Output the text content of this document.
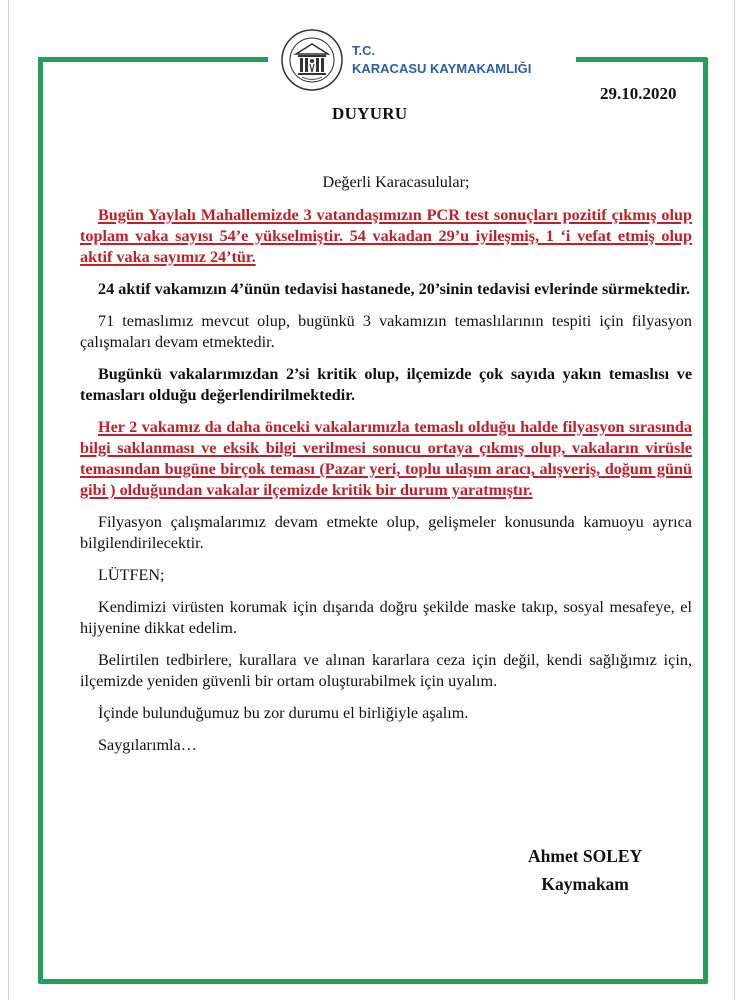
T.C.
KARACASU KAYMAKAMLIĞI
29.10.2020
DUYURU

Değerli Karacasulular;

Bugün Yaylalı Mahallemizde 3 vatandaşımızın PCR test sonuçları pozitif çıkmış olup toplam vaka sayısı 54’e yükselmiştir. 54 vakadan 29’u iyileşmiş, 1 ‘i vefat etmiş olup aktif vaka sayımız 24’tür.

24 aktif vakamızın 4’ünün tedavisi hastanede, 20’sinin tedavisi evlerinde sürmektedir.

71 temaslımız mevcut olup, bugünkü 3 vakamızın temaslılarının tespiti için filyasyon çalışmaları devam etmektedir.

Bugünkü vakalarımızdan 2’si kritik olup, ilçemizde çok sayıda yakın temaslısı ve temasları olduğu değerlendirilmektedir.

Her 2 vakamız da daha önceki vakalarımızla temaslı olduğu halde filyasyon sırasında bilgi saklanması ve eksik bilgi verilmesi sonucu ortaya çıkmış olup, vakaların virüsle temasından bugüne birçok teması (Pazar yeri, toplu ulaşım aracı, alışveriş, doğum günü gibi ) olduğundan vakalar ilçemizde kritik bir durum yaratmıştır.

Filyasyon çalışmalarımız devam etmekte olup, gelişmeler konusunda kamuoyu ayrıca bilgilendirilecektir.

LÜTFEN;

Kendimizi virüsten korumak için dışarıda doğru şekilde maske takıp, sosyal mesafeye, el hijyenine dikkat edelim.

Belirtilen tedbirlere, kurallara ve alınan kararlara ceza için değil, kendi sağlığımız için, ilçemizde yeniden güvenli bir ortam oluşturabilmek için uyalım.

İçinde bulunduğumuz bu zor durumu el birliğiyle aşalım.

Saygılarımla…

Ahmet SOLEY
Kaymakam
